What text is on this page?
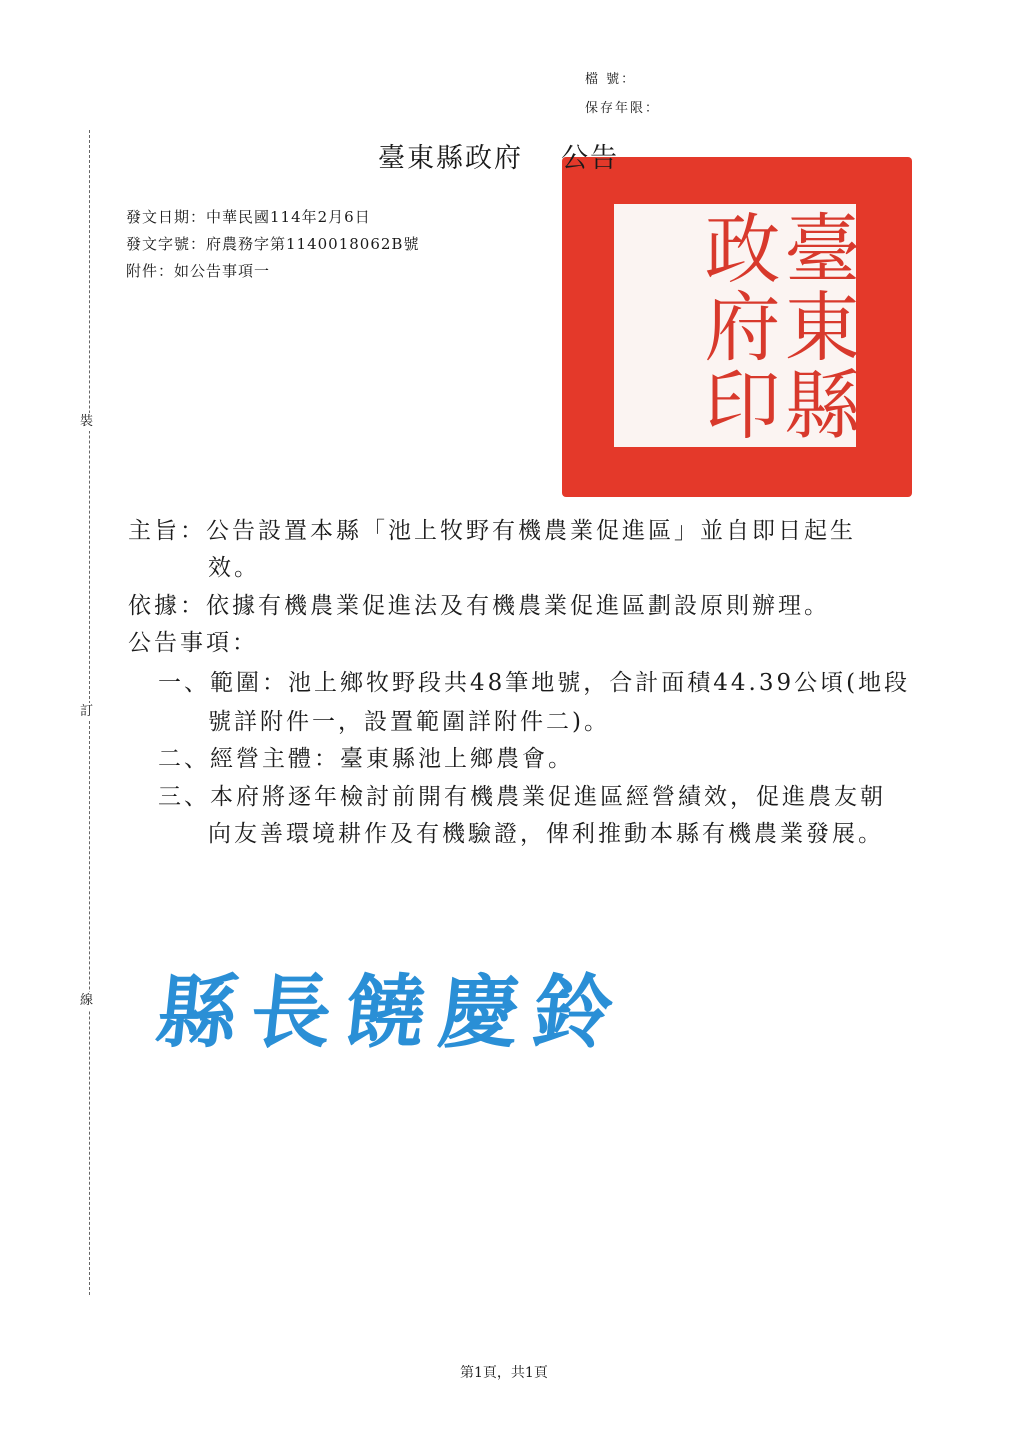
裝
訂
線
檔 號：
保存年限：
臺東縣政府印
臺東縣政府 公告
發文日期：中華民國114年2月6日
發文字號：府農務字第1140018062B號
附件：如公告事項一
主旨：公告設置本縣「池上牧野有機農業促進區」並自即日起生
效。
依據：依據有機農業促進法及有機農業促進區劃設原則辦理。
公告事項：
一、範圍：池上鄉牧野段共48筆地號，合計面積44.39公頃(地段
號詳附件一，設置範圍詳附件二)。
二、經營主體：臺東縣池上鄉農會。
三、本府將逐年檢討前開有機農業促進區經營績效，促進農友朝
向友善環境耕作及有機驗證，俾利推動本縣有機農業發展。
縣長饒慶鈴
第1頁，共1頁
